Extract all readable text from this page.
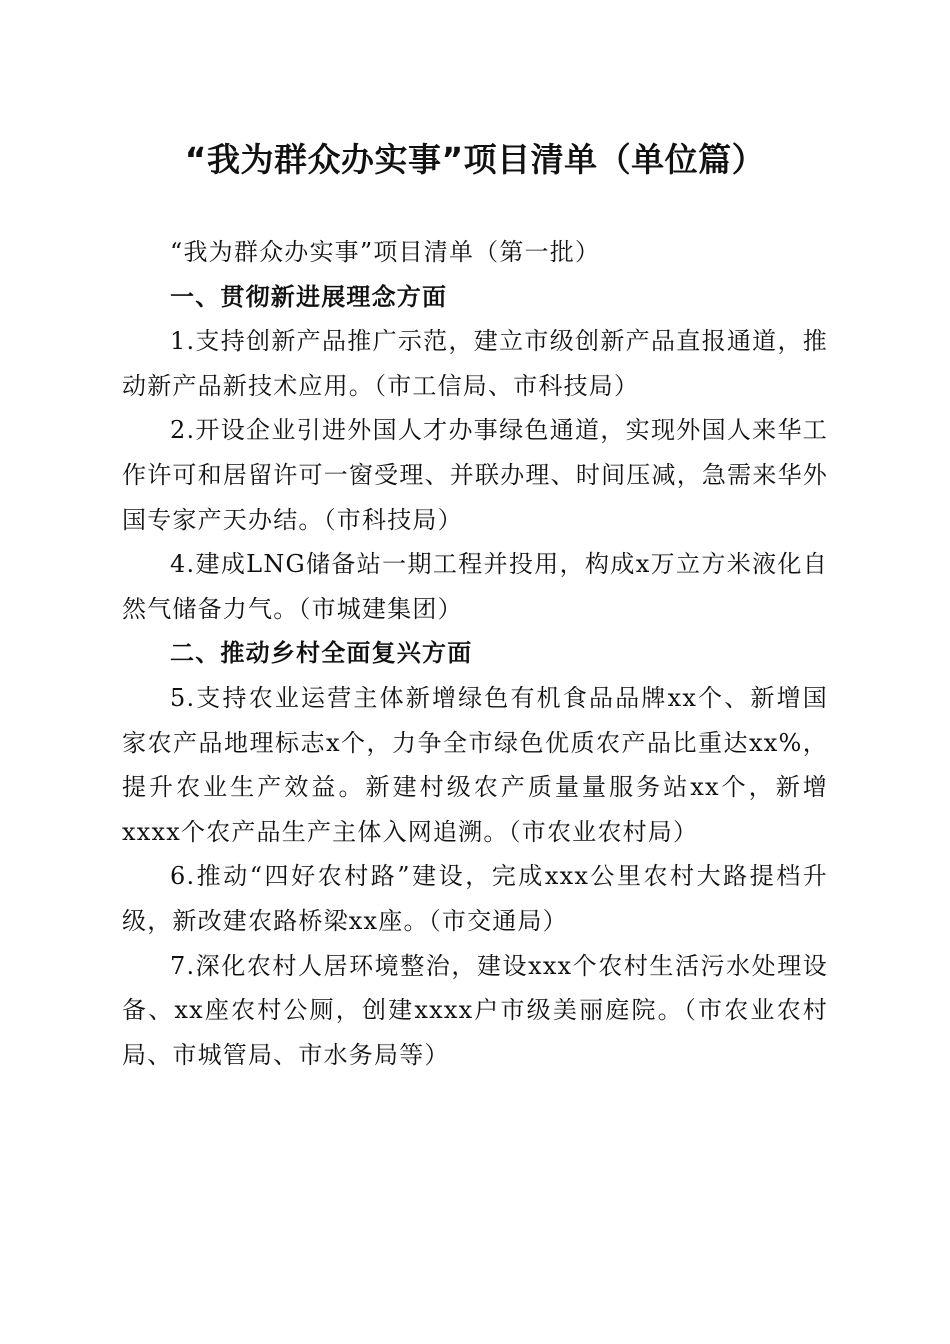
“我为群众办实事”项目清单（单位篇）

“我为群众办实事”项目清单（第一批）

一、贯彻新进展理念方面

1.支持创新产品推广示范，建立市级创新产品直报通道，推动新产品新技术应用。（市工信局、市科技局）

2.开设企业引进外国人才办事绿色通道，实现外国人来华工作许可和居留许可一窗受理、并联办理、时间压减，急需来华外国专家产天办结。（市科技局）

4.建成LNG储备站一期工程并投用，构成x万立方米液化自然气储备力气。（市城建集团）

二、推动乡村全面复兴方面

5.支持农业运营主体新增绿色有机食品品牌xx个、新增国家农产品地理标志x个，力争全市绿色优质农产品比重达xx%，提升农业生产效益。新建村级农产质量量服务站xx个，新增xxxx个农产品生产主体入网追溯。（市农业农村局）

6.推动“四好农村路”建设，完成xxx公里农村大路提档升级，新改建农路桥梁xx座。（市交通局）

7.深化农村人居环境整治，建设xxx个农村生活污水处理设备、xx座农村公厕，创建xxxx户市级美丽庭院。（市农业农村局、市城管局、市水务局等）
